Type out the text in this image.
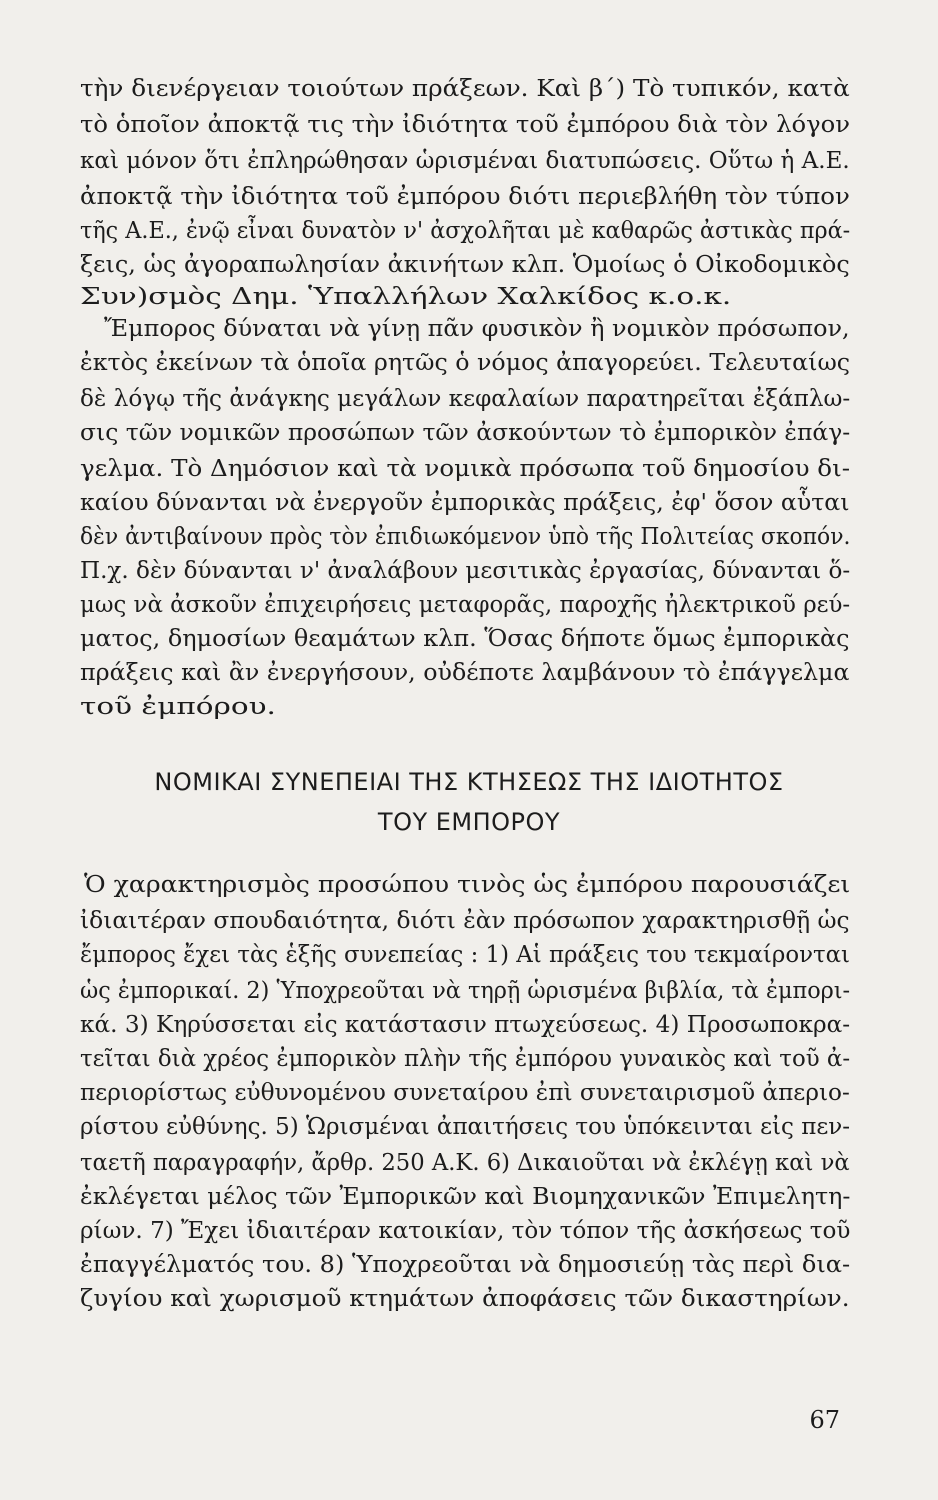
τὴν διενέργειαν τοιούτων πράξεων. Καὶ β΄) Τὸ τυπικόν, κατὰ
τὸ ὁποῖον ἀποκτᾷ τις τὴν ἰδιότητα τοῦ ἐμπόρου διὰ τὸν λόγον
καὶ μόνον ὅτι ἐπληρώθησαν ὡρισμέναι διατυπώσεις. Οὕτω ἡ Α.Ε.
ἀποκτᾷ τὴν ἰδιότητα τοῦ ἐμπόρου διότι περιεβλήθη τὸν τύπον
τῆς Α.Ε., ἐνῷ εἶναι δυνατὸν ν' ἀσχολῆται μὲ καθαρῶς ἀστικὰς πρά-
ξεις, ὡς ἀγοραπωλησίαν ἀκινήτων κλπ. Ὁμοίως ὁ Οἰκοδομικὸς
Συν)σμὸς Δημ. Ὑπαλλήλων Χαλκίδος κ.ο.κ.
Ἔμπορος δύναται νὰ γίνῃ πᾶν φυσικὸν ἢ νομικὸν πρόσωπον,
ἐκτὸς ἐκείνων τὰ ὁποῖα ρητῶς ὁ νόμος ἀπαγορεύει. Τελευταίως
δὲ λόγῳ τῆς ἀνάγκης μεγάλων κεφαλαίων παρατηρεῖται ἐξάπλω-
σις τῶν νομικῶν προσώπων τῶν ἀσκούντων τὸ ἐμπορικὸν ἐπάγ-
γελμα. Τὸ Δημόσιον καὶ τὰ νομικὰ πρόσωπα τοῦ δημοσίου δι-
καίου δύνανται νὰ ἐνεργοῦν ἐμπορικὰς πράξεις, ἐφ' ὅσον αὗται
δὲν ἀντιβαίνουν πρὸς τὸν ἐπιδιωκόμενον ὑπὸ τῆς Πολιτείας σκοπόν.
Π.χ. δὲν δύνανται ν' ἀναλάβουν μεσιτικὰς ἐργασίας, δύνανται ὅ-
μως νὰ ἀσκοῦν ἐπιχειρήσεις μεταφορᾶς, παροχῆς ἠλεκτρικοῦ ρεύ-
ματος, δημοσίων θεαμάτων κλπ. Ὅσας δήποτε ὅμως ἐμπορικὰς
πράξεις καὶ ἂν ἐνεργήσουν, οὐδέποτε λαμβάνουν τὸ ἐπάγγελμα
τοῦ ἐμπόρου.
ΝΟΜΙΚΑΙ ΣΥΝΕΠΕΙΑΙ ΤΗΣ ΚΤΗΣΕΩΣ ΤΗΣ ΙΔΙΟΤΗΤΟΣ
ΤΟΥ ΕΜΠΟΡΟΥ
Ὁ χαρακτηρισμὸς προσώπου τινὸς ὡς ἐμπόρου παρουσιάζει
ἰδιαιτέραν σπουδαιότητα, διότι ἐὰν πρόσωπον χαρακτηρισθῇ ὡς
ἔμπορος ἔχει τὰς ἑξῆς συνεπείας : 1) Αἱ πράξεις του τεκμαίρονται
ὡς ἐμπορικαί. 2) Ὑποχρεοῦται νὰ τηρῇ ὡρισμένα βιβλία, τὰ ἐμπορι-
κά. 3) Κηρύσσεται εἰς κατάστασιν πτωχεύσεως. 4) Προσωποκρα-
τεῖται διὰ χρέος ἐμπορικὸν πλὴν τῆς ἐμπόρου γυναικὸς καὶ τοῦ ἀ-
περιορίστως εὐθυνομένου συνεταίρου ἐπὶ συνεταιρισμοῦ ἀπεριο-
ρίστου εὐθύνης. 5) Ὡρισμέναι ἀπαιτήσεις του ὑπόκεινται εἰς πεν-
ταετῆ παραγραφήν, ἄρθρ. 250 Α.Κ. 6) Δικαιοῦται νὰ ἐκλέγῃ καὶ νὰ
ἐκλέγεται μέλος τῶν Ἐμπορικῶν καὶ Βιομηχανικῶν Ἐπιμελητη-
ρίων. 7) Ἔχει ἰδιαιτέραν κατοικίαν, τὸν τόπον τῆς ἀσκήσεως τοῦ
ἐπαγγέλματός του. 8) Ὑποχρεοῦται νὰ δημοσιεύῃ τὰς περὶ δια-
ζυγίου καὶ χωρισμοῦ κτημάτων ἀποφάσεις τῶν δικαστηρίων.
67
